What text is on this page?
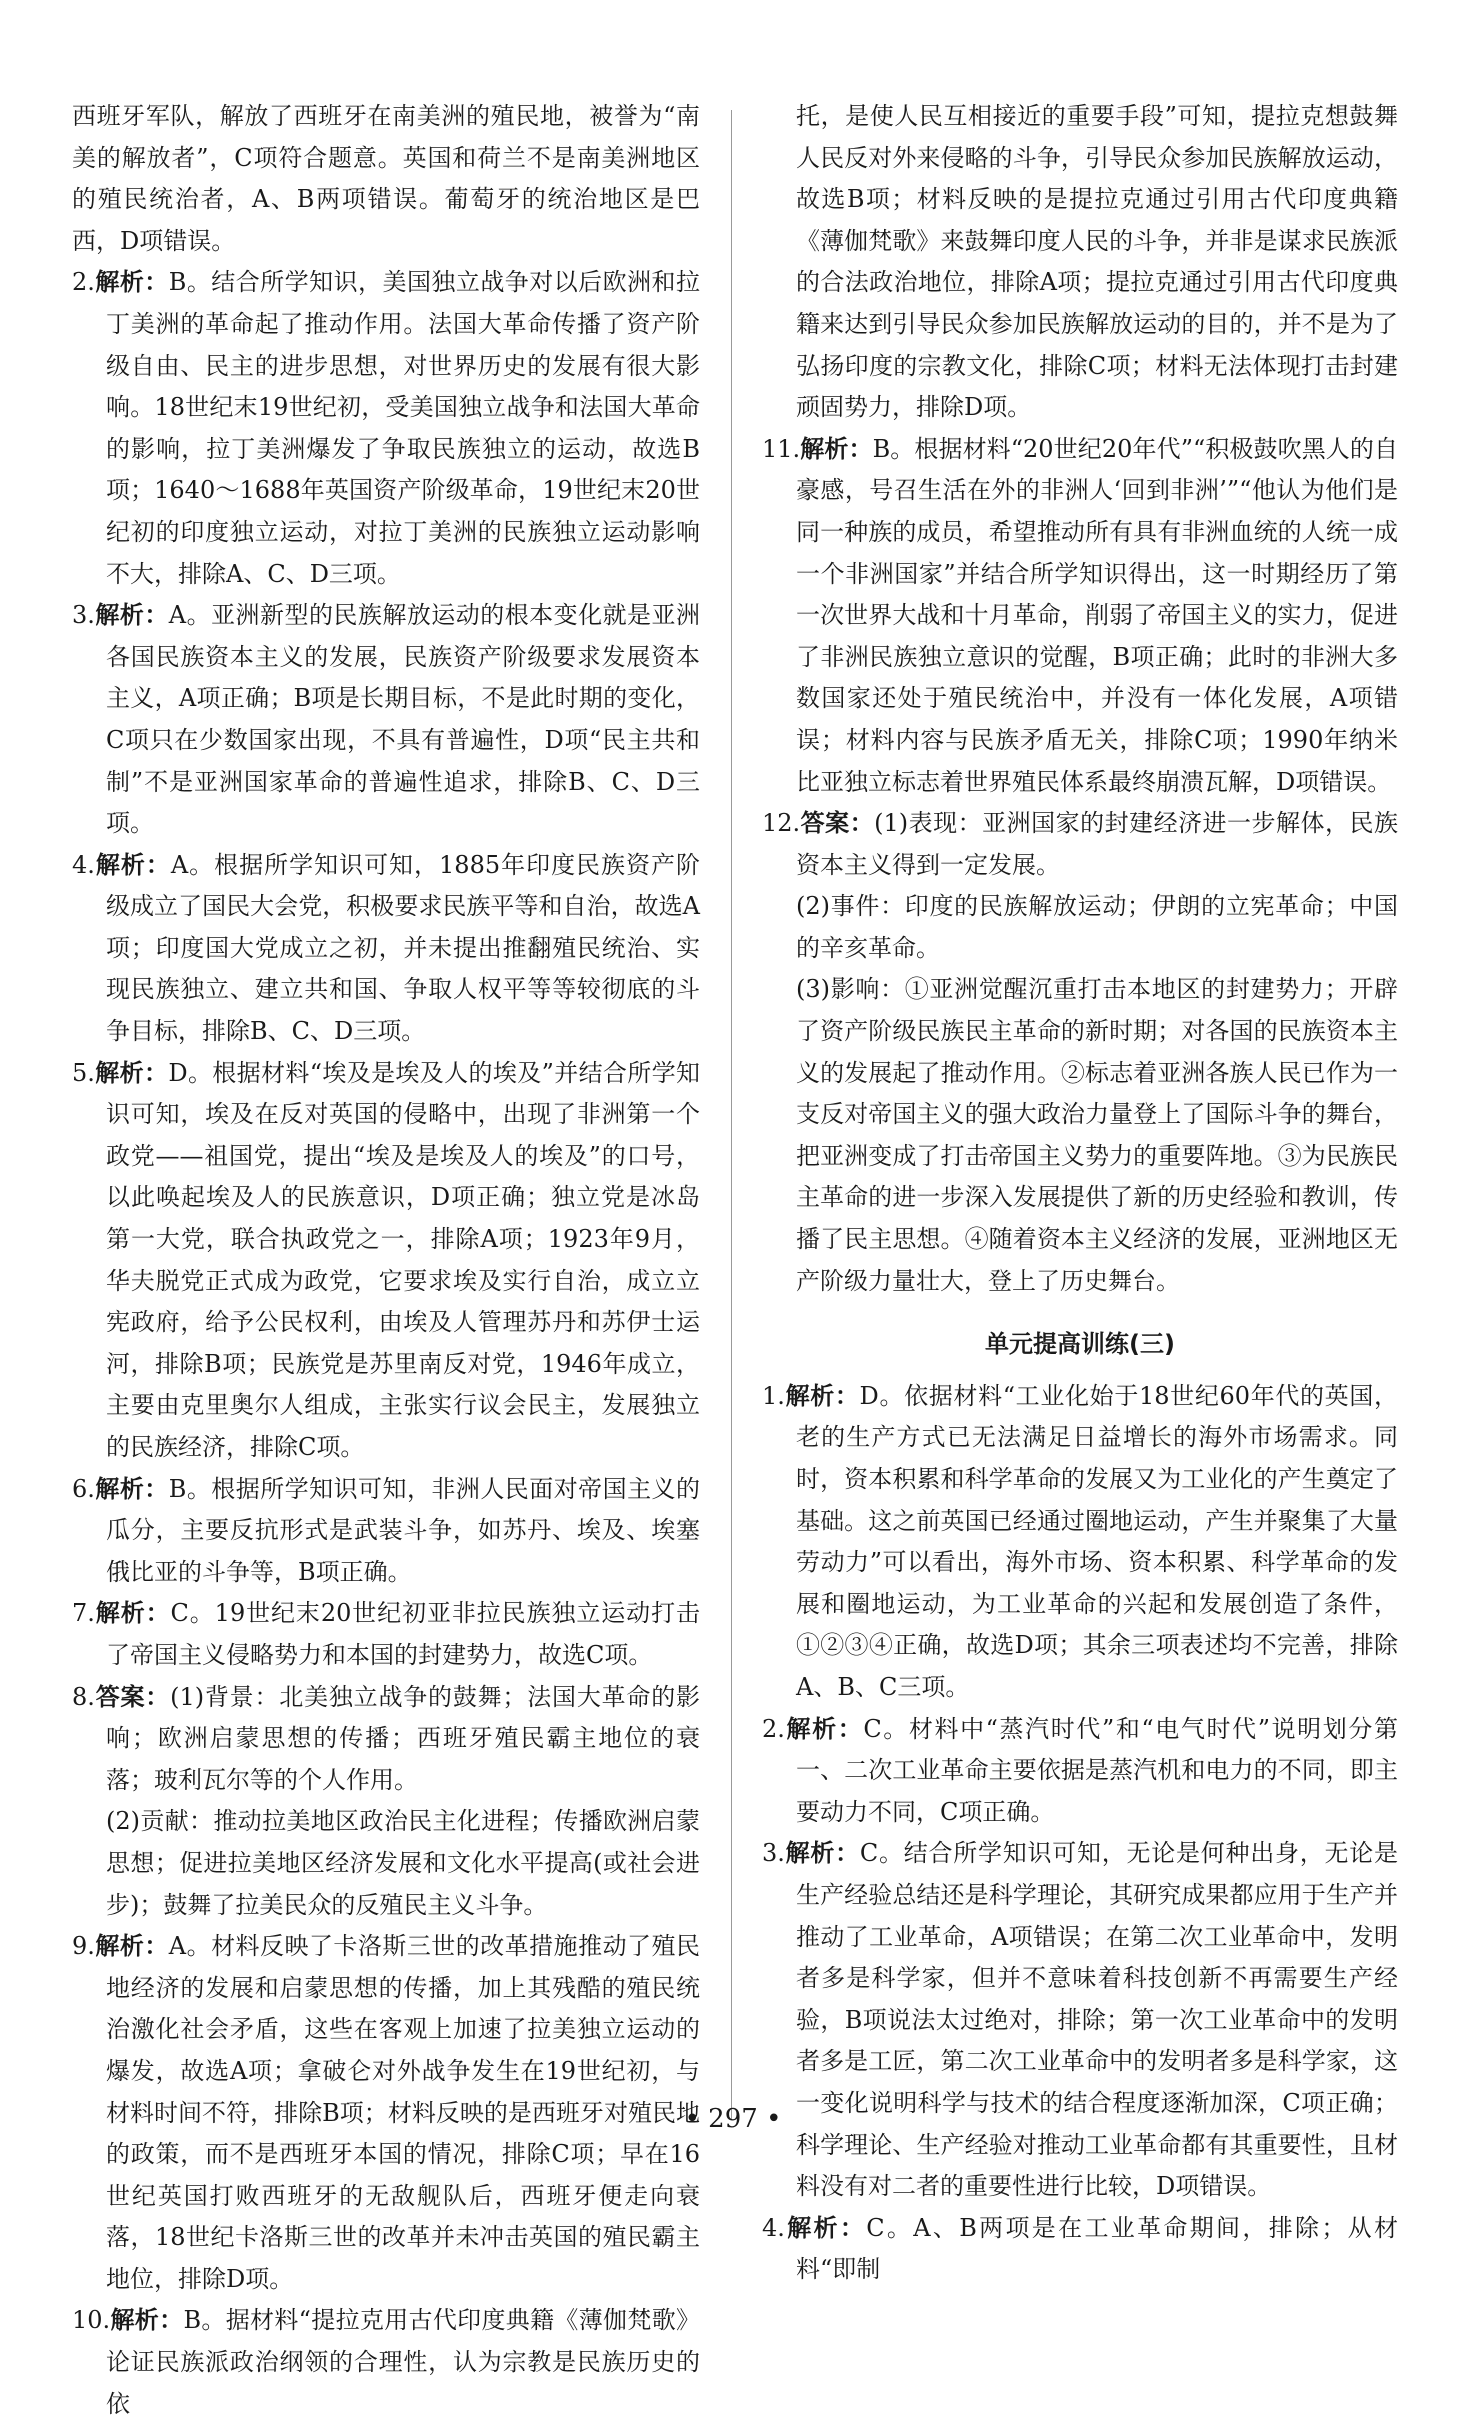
西班牙军队，解放了西班牙在南美洲的殖民地，被誉为“南美的解放者”，C项符合题意。英国和荷兰不是南美洲地区的殖民统治者，A、B两项错误。葡萄牙的统治地区是巴西，D项错误。

2.解析：B。结合所学知识，美国独立战争对以后欧洲和拉丁美洲的革命起了推动作用。法国大革命传播了资产阶级自由、民主的进步思想，对世界历史的发展有很大影响。18世纪末19世纪初，受美国独立战争和法国大革命的影响，拉丁美洲爆发了争取民族独立的运动，故选B项；1640～1688年英国资产阶级革命，19世纪末20世纪初的印度独立运动，对拉丁美洲的民族独立运动影响不大，排除A、C、D三项。

3.解析：A。亚洲新型的民族解放运动的根本变化就是亚洲各国民族资本主义的发展，民族资产阶级要求发展资本主义，A项正确；B项是长期目标，不是此时期的变化，C项只在少数国家出现，不具有普遍性，D项“民主共和制”不是亚洲国家革命的普遍性追求，排除B、C、D三项。

4.解析：A。根据所学知识可知，1885年印度民族资产阶级成立了国民大会党，积极要求民族平等和自治，故选A项；印度国大党成立之初，并未提出推翻殖民统治、实现民族独立、建立共和国、争取人权平等等较彻底的斗争目标，排除B、C、D三项。

5.解析：D。根据材料“埃及是埃及人的埃及”并结合所学知识可知，埃及在反对英国的侵略中，出现了非洲第一个政党——祖国党，提出“埃及是埃及人的埃及”的口号，以此唤起埃及人的民族意识，D项正确；独立党是冰岛第一大党，联合执政党之一，排除A项；1923年9月，华夫脱党正式成为政党，它要求埃及实行自治，成立立宪政府，给予公民权利，由埃及人管理苏丹和苏伊士运河，排除B项；民族党是苏里南反对党，1946年成立，主要由克里奥尔人组成，主张实行议会民主，发展独立的民族经济，排除C项。

6.解析：B。根据所学知识可知，非洲人民面对帝国主义的瓜分，主要反抗形式是武装斗争，如苏丹、埃及、埃塞俄比亚的斗争等，B项正确。

7.解析：C。19世纪末20世纪初亚非拉民族独立运动打击了帝国主义侵略势力和本国的封建势力，故选C项。

8.答案：(1)背景：北美独立战争的鼓舞；法国大革命的影响；欧洲启蒙思想的传播；西班牙殖民霸主地位的衰落；玻利瓦尔等的个人作用。

(2)贡献：推动拉美地区政治民主化进程；传播欧洲启蒙思想；促进拉美地区经济发展和文化水平提高(或社会进步)；鼓舞了拉美民众的反殖民主义斗争。

9.解析：A。材料反映了卡洛斯三世的改革措施推动了殖民地经济的发展和启蒙思想的传播，加上其残酷的殖民统治激化社会矛盾，这些在客观上加速了拉美独立运动的爆发，故选A项；拿破仑对外战争发生在19世纪初，与材料时间不符，排除B项；材料反映的是西班牙对殖民地的政策，而不是西班牙本国的情况，排除C项；早在16世纪英国打败西班牙的无敌舰队后，西班牙便走向衰落，18世纪卡洛斯三世的改革并未冲击英国的殖民霸主地位，排除D项。

10.解析：B。据材料“提拉克用古代印度典籍《薄伽梵歌》论证民族派政治纲领的合理性，认为宗教是民族历史的依

托，是使人民互相接近的重要手段”可知，提拉克想鼓舞人民反对外来侵略的斗争，引导民众参加民族解放运动，故选B项；材料反映的是提拉克通过引用古代印度典籍《薄伽梵歌》来鼓舞印度人民的斗争，并非是谋求民族派的合法政治地位，排除A项；提拉克通过引用古代印度典籍来达到引导民众参加民族解放运动的目的，并不是为了弘扬印度的宗教文化，排除C项；材料无法体现打击封建顽固势力，排除D项。

11.解析：B。根据材料“20世纪20年代”“积极鼓吹黑人的自豪感，号召生活在外的非洲人‘回到非洲’”“他认为他们是同一种族的成员，希望推动所有具有非洲血统的人统一成一个非洲国家”并结合所学知识得出，这一时期经历了第一次世界大战和十月革命，削弱了帝国主义的实力，促进了非洲民族独立意识的觉醒，B项正确；此时的非洲大多数国家还处于殖民统治中，并没有一体化发展，A项错误；材料内容与民族矛盾无关，排除C项；1990年纳米比亚独立标志着世界殖民体系最终崩溃瓦解，D项错误。

12.答案：(1)表现：亚洲国家的封建经济进一步解体，民族资本主义得到一定发展。

(2)事件：印度的民族解放运动；伊朗的立宪革命；中国的辛亥革命。

(3)影响：①亚洲觉醒沉重打击本地区的封建势力；开辟了资产阶级民族民主革命的新时期；对各国的民族资本主义的发展起了推动作用。②标志着亚洲各族人民已作为一支反对帝国主义的强大政治力量登上了国际斗争的舞台，把亚洲变成了打击帝国主义势力的重要阵地。③为民族民主革命的进一步深入发展提供了新的历史经验和教训，传播了民主思想。④随着资本主义经济的发展，亚洲地区无产阶级力量壮大，登上了历史舞台。

单元提高训练(三)

1.解析：D。依据材料“工业化始于18世纪60年代的英国，老的生产方式已无法满足日益增长的海外市场需求。同时，资本积累和科学革命的发展又为工业化的产生奠定了基础。这之前英国已经通过圈地运动，产生并聚集了大量劳动力”可以看出，海外市场、资本积累、科学革命的发展和圈地运动，为工业革命的兴起和发展创造了条件，①②③④正确，故选D项；其余三项表述均不完善，排除A、B、C三项。

2.解析：C。材料中“蒸汽时代”和“电气时代”说明划分第一、二次工业革命主要依据是蒸汽机和电力的不同，即主要动力不同，C项正确。

3.解析：C。结合所学知识可知，无论是何种出身，无论是生产经验总结还是科学理论，其研究成果都应用于生产并推动了工业革命，A项错误；在第二次工业革命中，发明者多是科学家，但并不意味着科技创新不再需要生产经验，B项说法太过绝对，排除；第一次工业革命中的发明者多是工匠，第二次工业革命中的发明者多是科学家，这一变化说明科学与技术的结合程度逐渐加深，C项正确；科学理论、生产经验对推动工业革命都有其重要性，且材料没有对二者的重要性进行比较，D项错误。

4.解析：C。A、B两项是在工业革命期间，排除；从材料“即制

• 297 •
